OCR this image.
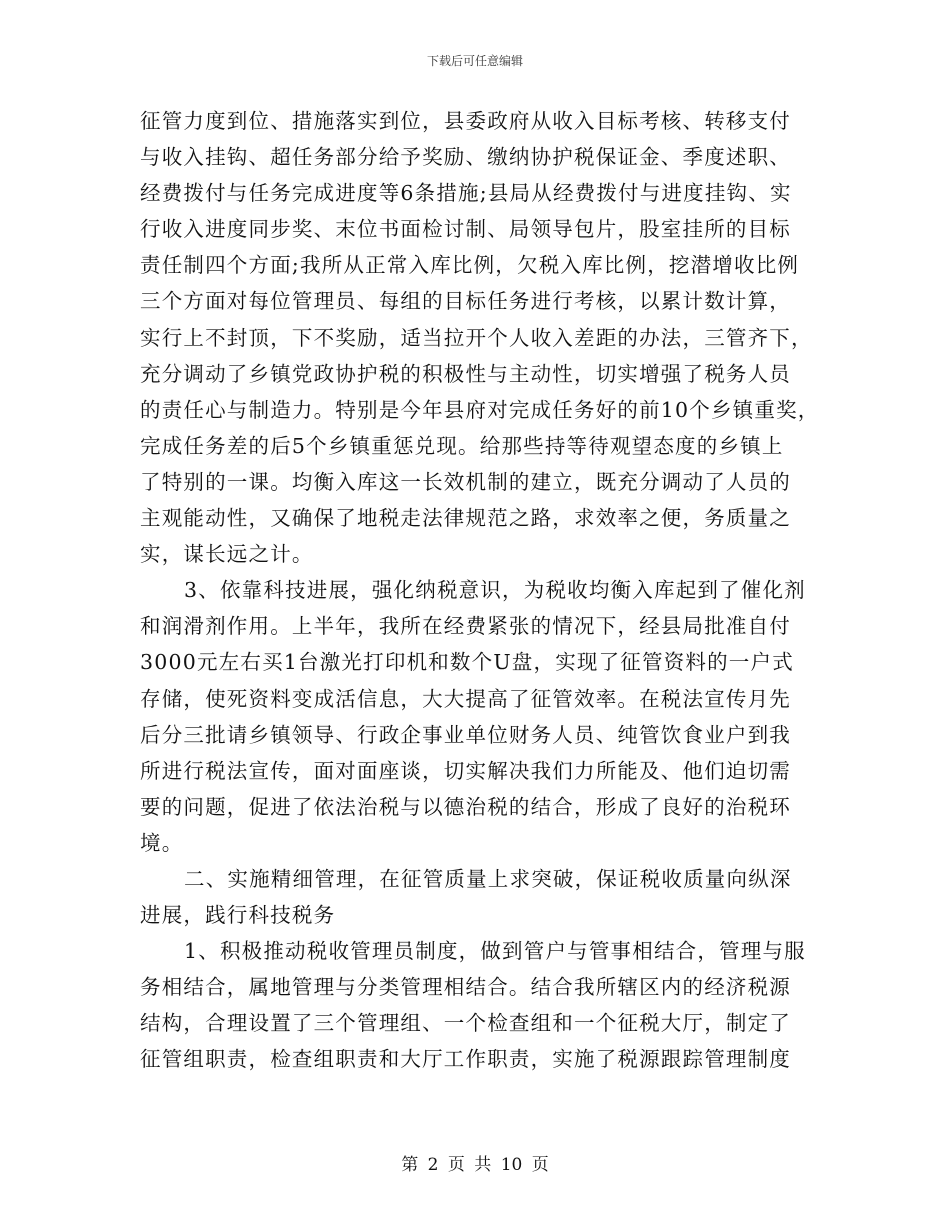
下载后可任意编辑
征管力度到位、措施落实到位，县委政府从收入目标考核、转移支付
与收入挂钩、超任务部分给予奖励、缴纳协护税保证金、季度述职、
经费拨付与任务完成进度等6条措施;县局从经费拨付与进度挂钩、实
行收入进度同步奖、末位书面检讨制、局领导包片，股室挂所的目标
责任制四个方面;我所从正常入库比例，欠税入库比例，挖潜增收比例
三个方面对每位管理员、每组的目标任务进行考核，以累计数计算，
实行上不封顶，下不奖励，适当拉开个人收入差距的办法，三管齐下，
充分调动了乡镇党政协护税的积极性与主动性，切实增强了税务人员
的责任心与制造力。特别是今年县府对完成任务好的前10个乡镇重奖，
完成任务差的后5个乡镇重惩兑现。给那些持等待观望态度的乡镇上
了特别的一课。均衡入库这一长效机制的建立，既充分调动了人员的
主观能动性，又确保了地税走法律规范之路，求效率之便，务质量之
实，谋长远之计。
3、依靠科技进展，强化纳税意识，为税收均衡入库起到了催化剂
和润滑剂作用。上半年，我所在经费紧张的情况下，经县局批准自付
3000元左右买1台激光打印机和数个U盘，实现了征管资料的一户式
存储，使死资料变成活信息，大大提高了征管效率。在税法宣传月先
后分三批请乡镇领导、行政企事业单位财务人员、纯管饮食业户到我
所进行税法宣传，面对面座谈，切实解决我们力所能及、他们迫切需
要的问题，促进了依法治税与以德治税的结合，形成了良好的治税环
境。
二、实施精细管理，在征管质量上求突破，保证税收质量向纵深
进展，践行科技税务
1、积极推动税收管理员制度，做到管户与管事相结合，管理与服
务相结合，属地管理与分类管理相结合。结合我所辖区内的经济税源
结构，合理设置了三个管理组、一个检查组和一个征税大厅，制定了
征管组职责，检查组职责和大厅工作职责，实施了税源跟踪管理制度
第 2 页 共 10 页
